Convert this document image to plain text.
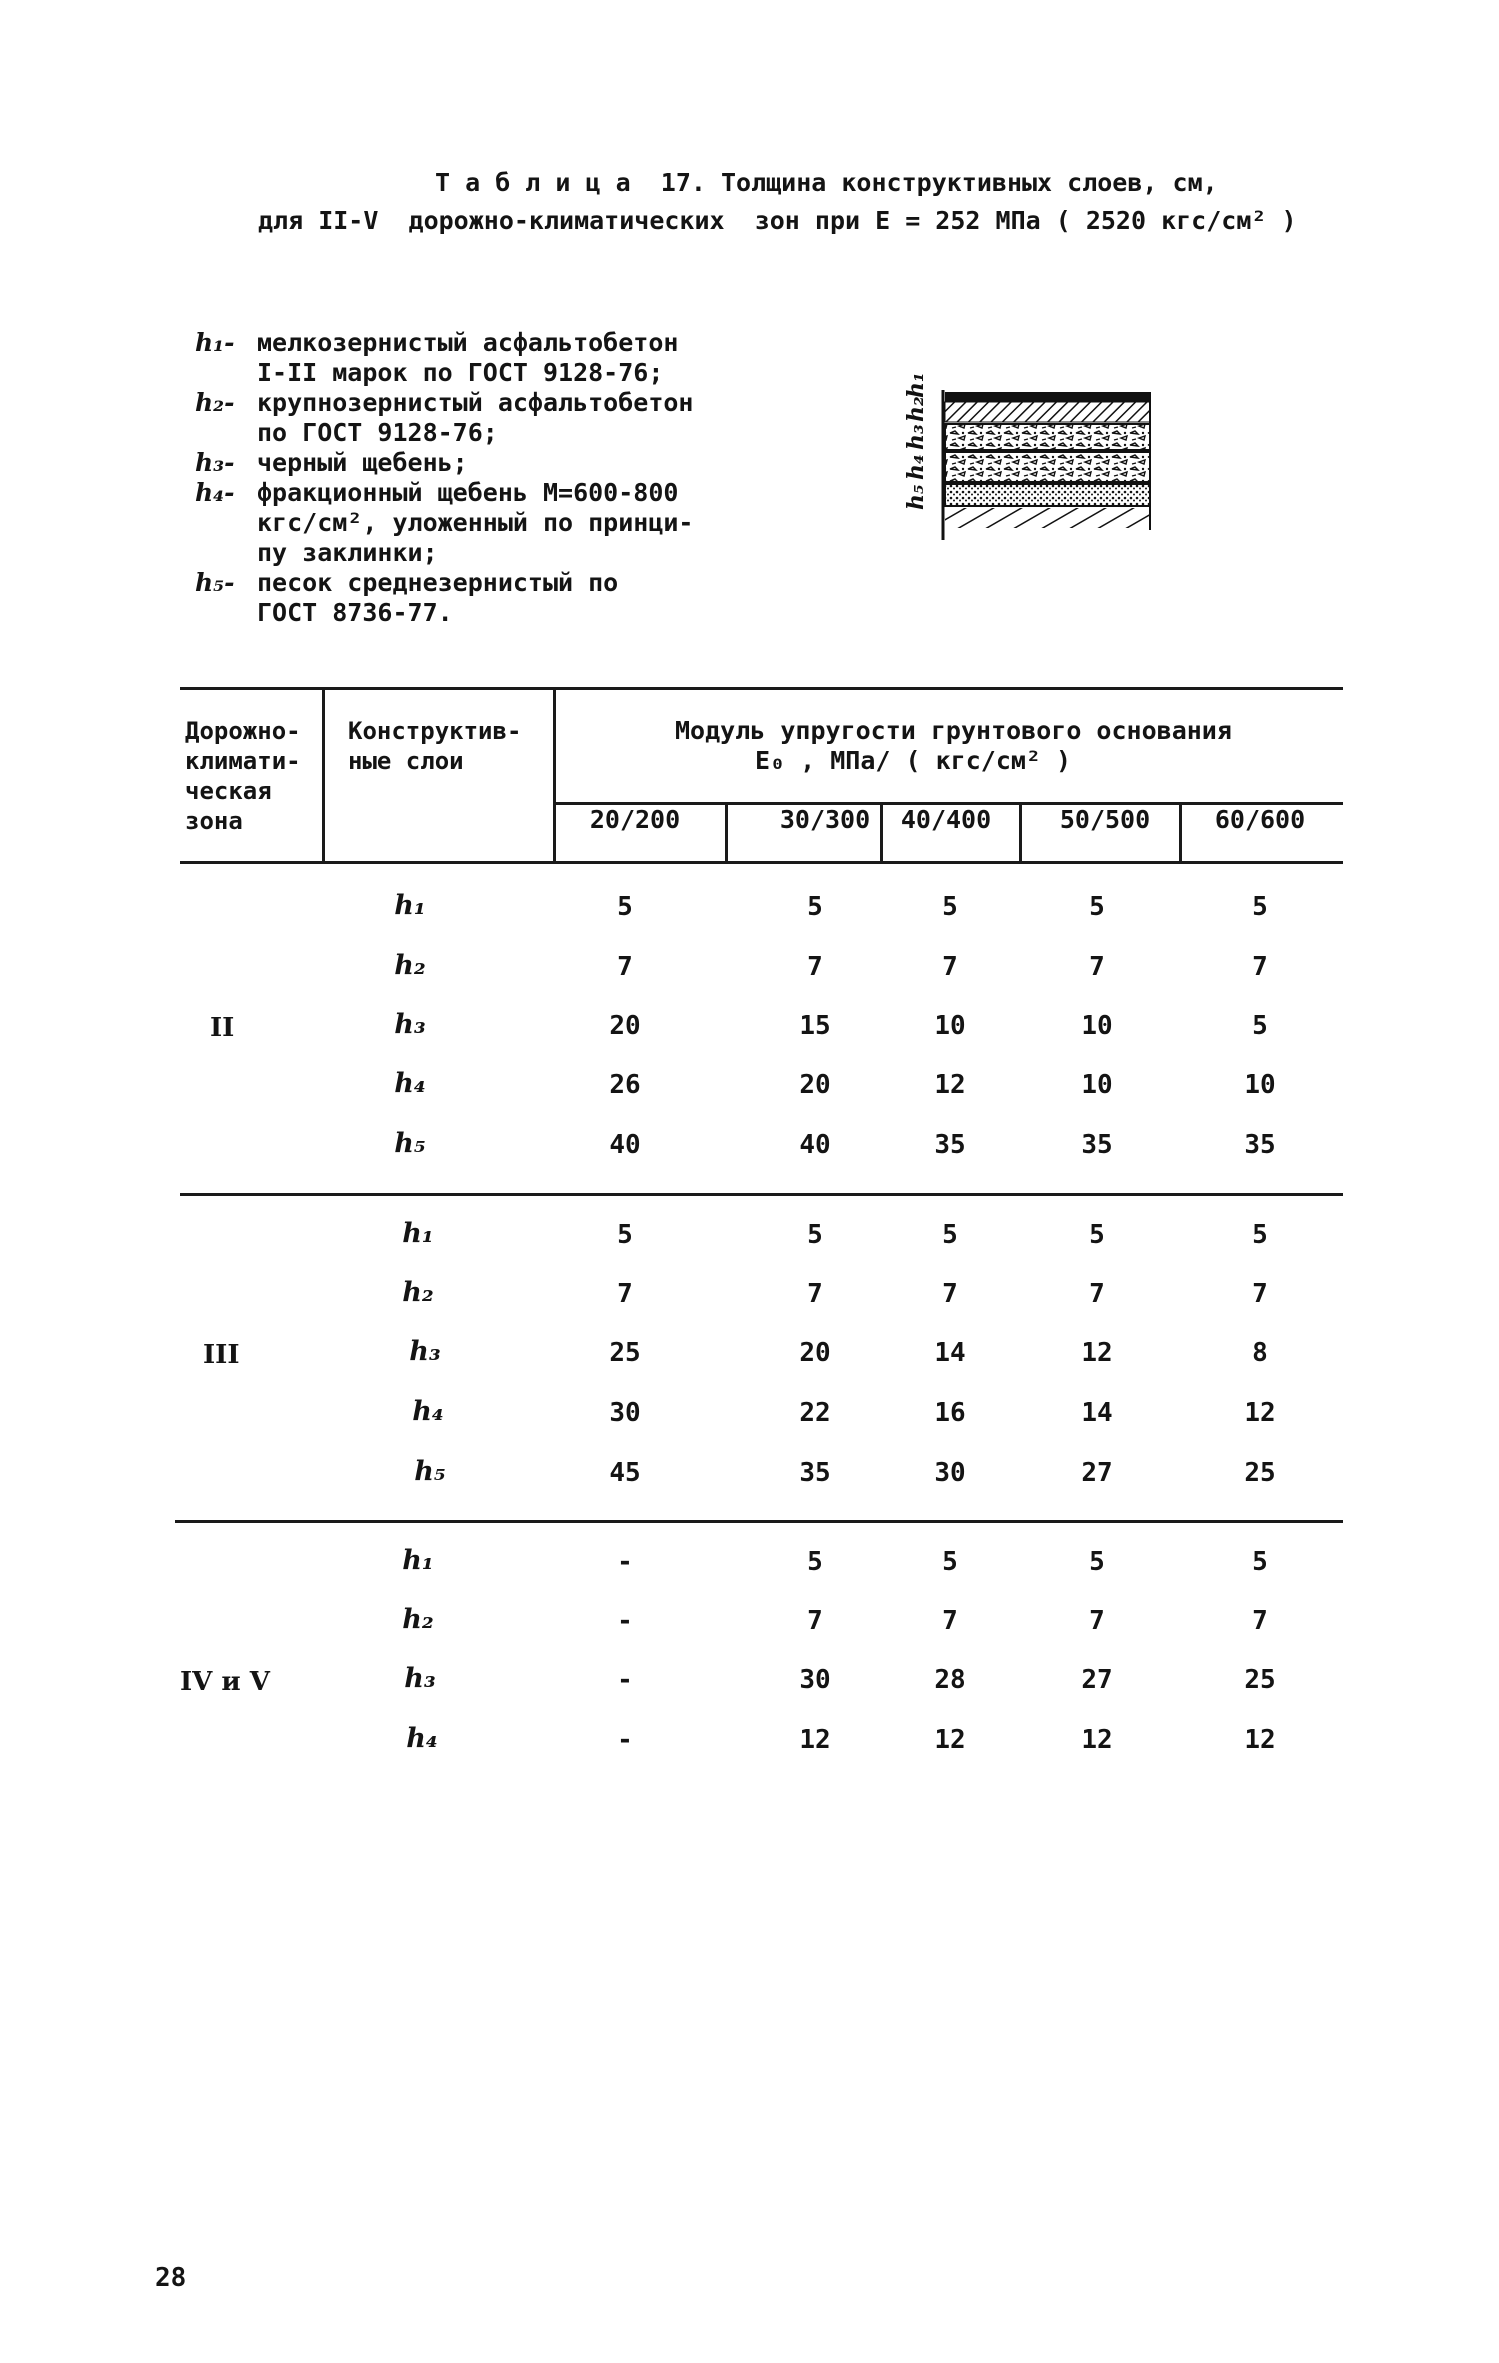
Т а б л и ц а  17. Толщина конструктивных слоев, см,
для II-V  дорожно-климатических  зон при E = 252 МПа ( 2520 кгс/см² )
h₁- мелкозернистый асфальтобетон
I-II марок по ГОСТ 9128-76;
h₂- крупнозернистый асфальтобетон
по ГОСТ 9128-76;
h₃- черный щебень;
h₄- фракционный щебень М=600-800
кгс/см², уложенный по принци-
пу заклинки;
h₅- песок среднезернистый по
ГОСТ 8736-77.
h₅
h₄
h₃
h₂
h₁
Дорожно-
климати-
ческая
зона
Конструктив-
ные слои
Модуль упругости грунтового основания
E₀ , МПа/ ( кгс/см² )
20/200	30/300	40/400	50/500	60/600
II
h₁	5	5	5	5	5
h₂	7	7	7	7	7
h₃	20	15	10	10	5
h₄	26	20	12	10	10
h₅	40	40	35	35	35
III
h₁	5	5	5	5	5
h₂	7	7	7	7	7
h₃	25	20	14	12	8
h₄	30	22	16	14	12
h₅	45	35	30	27	25
IV и V
h₁	-	5	5	5	5
h₂	-	7	7	7	7
h₃	-	30	28	27	25
h₄	-	12	12	12	12
28
